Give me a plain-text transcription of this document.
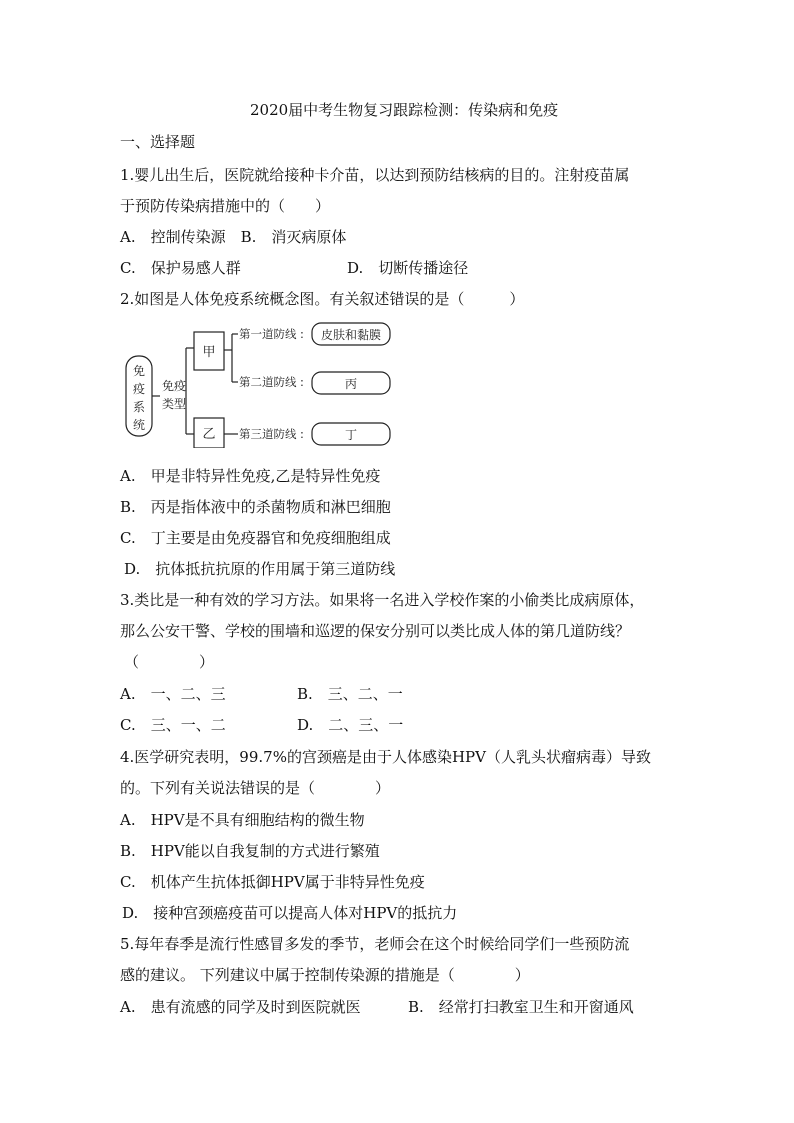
2020届中考生物复习跟踪检测：传染病和免疫
一、选择题
1.婴儿出生后，医院就给接种卡介苗，以达到预防结核病的目的。注射疫苗属
于预防传染病措施中的（　　）
A.　控制传染源　B.　消灭病原体
C.　保护易感人群	D.　切断传播途径
2.如图是人体免疫系统概念图。有关叙述错误的是（　　　）
免
疫
系
统
免疫
类型
甲
乙
第一道防线 :
第二道防线 :
第三道防线 :
皮肤和黏膜
丙
丁
A.　甲是非特异性免疫,乙是特异性免疫
B.　丙是指体液中的杀菌物质和淋巴细胞
C.　丁主要是由免疫器官和免疫细胞组成
D.　抗体抵抗抗原的作用属于第三道防线
3.类比是一种有效的学习方法。如果将一名进入学校作案的小偷类比成病原体，
那么公安干警、学校的围墙和巡逻的保安分别可以类比成人体的第几道防线？
（　　　　）
A.　一、二、三	B.　三、二、一
C.　三、一、二	D.　二、三、一
4.医学研究表明，99.7%的宫颈癌是由于人体感染HPV（人乳头状瘤病毒）导致
的。下列有关说法错误的是（　　　　）
A.　HPV是不具有细胞结构的微生物
B.　HPV能以自我复制的方式进行繁殖
C.　机体产生抗体抵御HPV属于非特异性免疫
D.　接种宫颈癌疫苗可以提高人体对HPV的抵抗力
5.每年春季是流行性感冒多发的季节，老师会在这个时候给同学们一些预防流
感的建议。 下列建议中属于控制传染源的措施是（　　　　）
A.　患有流感的同学及时到医院就医	B.　经常打扫教室卫生和开窗通风
